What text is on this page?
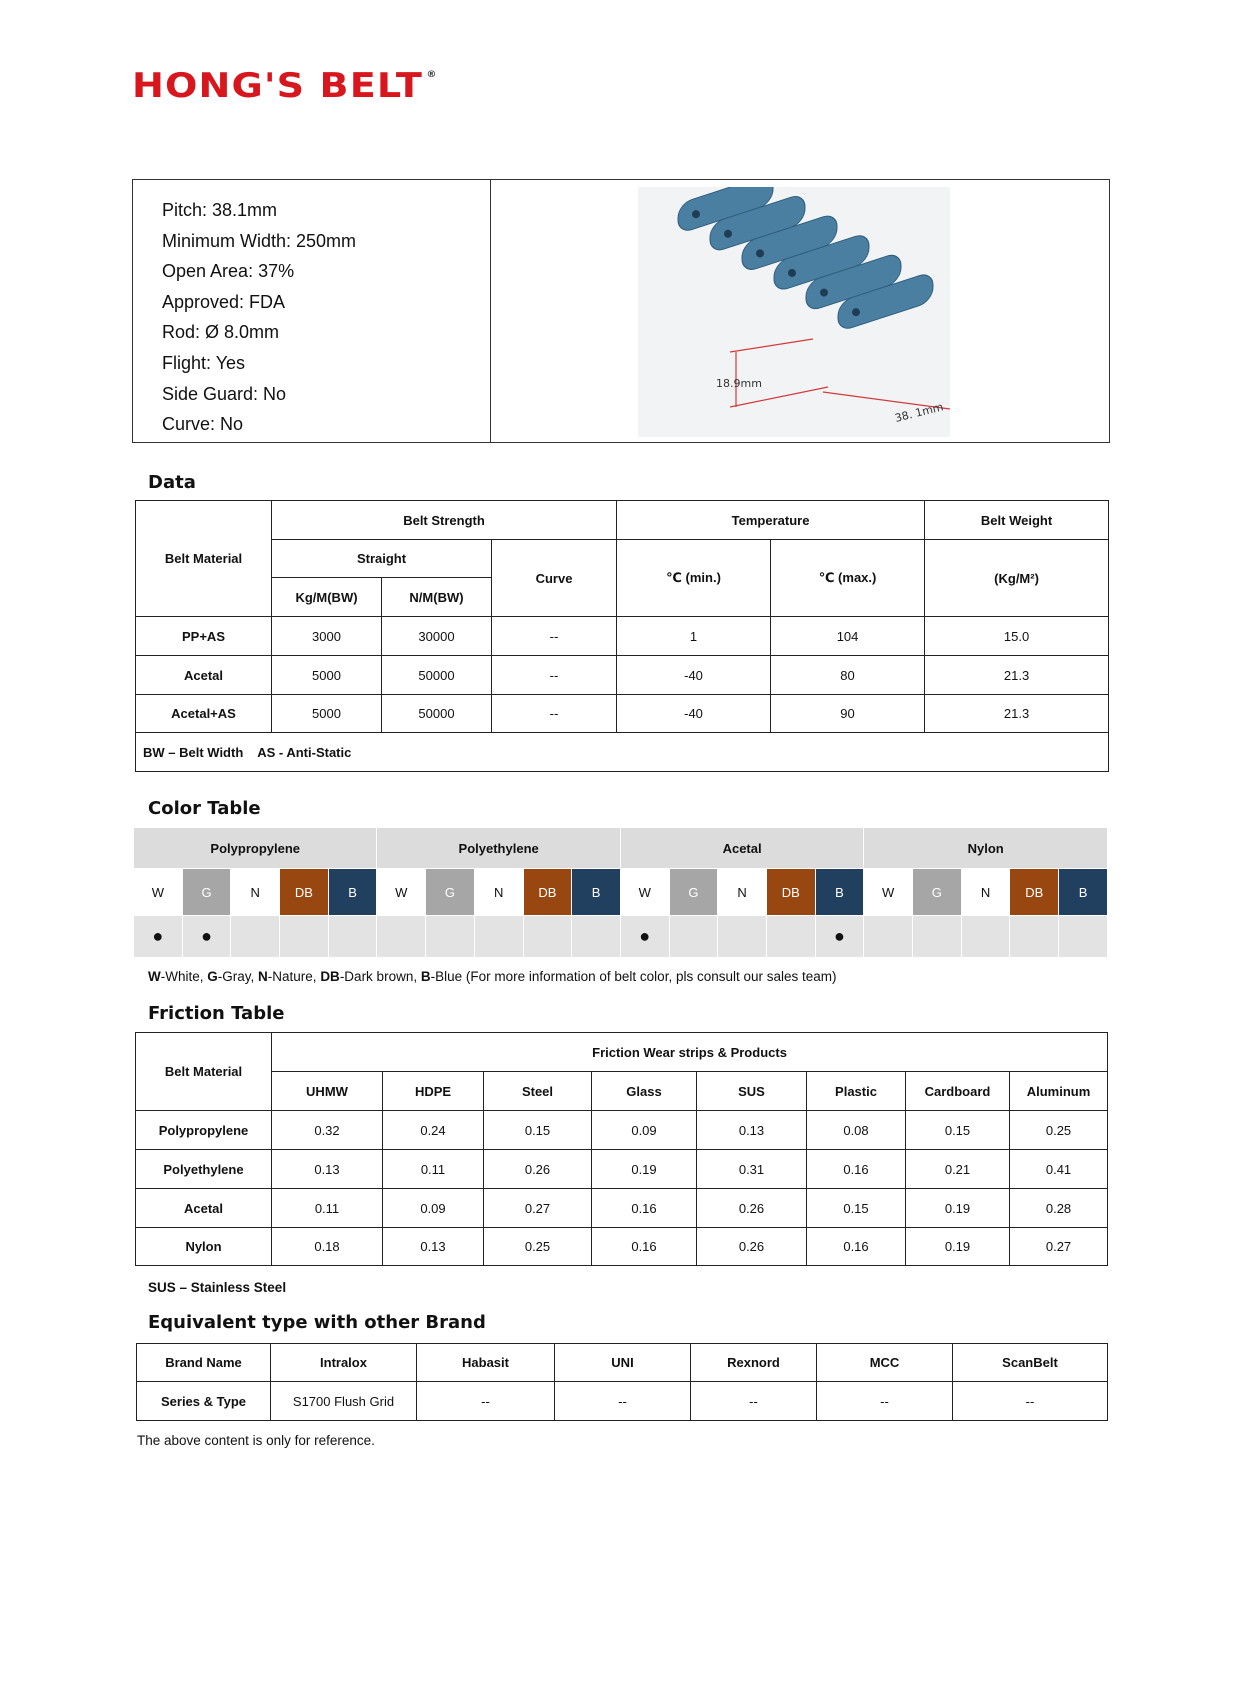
HONG'S BELT ®
Pitch: 38.1mm
Minimum Width: 250mm
Open Area: 37%
Approved: FDA
Rod: Ø 8.0mm
Flight: Yes
Side Guard: No
Curve: No
18.9mm
38. 1mm
Data
Belt Material	Belt Strength			Temperature		Belt Weight
	Straight		Curve	℃ (min.)	℃ (max.)	(Kg/M²)
	Kg/M(BW)	N/M(BW)				
PP+AS	3000	30000	--	1	104	15.0
Acetal	5000	50000	--	-40	80	21.3
Acetal+AS	5000	50000	--	-40	90	21.3
BW – Belt Width    AS - Anti-Static						
Color Table
Polypropylene					Polyethylene					Acetal					Nylon				
W	G	N	DB	B	W	G	N	DB	B	W	G	N	DB	B	W	G	N	DB	B
●	●									●				●					
W-White, G-Gray, N-Nature, DB-Dark brown, B-Blue (For more information of belt color, pls consult our sales team)
Friction Table
Belt Material	Friction Wear strips & Products							
	UHMW	HDPE	Steel	Glass	SUS	Plastic	Cardboard	Aluminum
Polypropylene	0.32	0.24	0.15	0.09	0.13	0.08	0.15	0.25
Polyethylene	0.13	0.11	0.26	0.19	0.31	0.16	0.21	0.41
Acetal	0.11	0.09	0.27	0.16	0.26	0.15	0.19	0.28
Nylon	0.18	0.13	0.25	0.16	0.26	0.16	0.19	0.27
SUS – Stainless Steel
Equivalent type with other Brand
Brand Name	Intralox	Habasit	UNI	Rexnord	MCC	ScanBelt
Series & Type	S1700 Flush Grid	--	--	--	--	--
The above content is only for reference.
